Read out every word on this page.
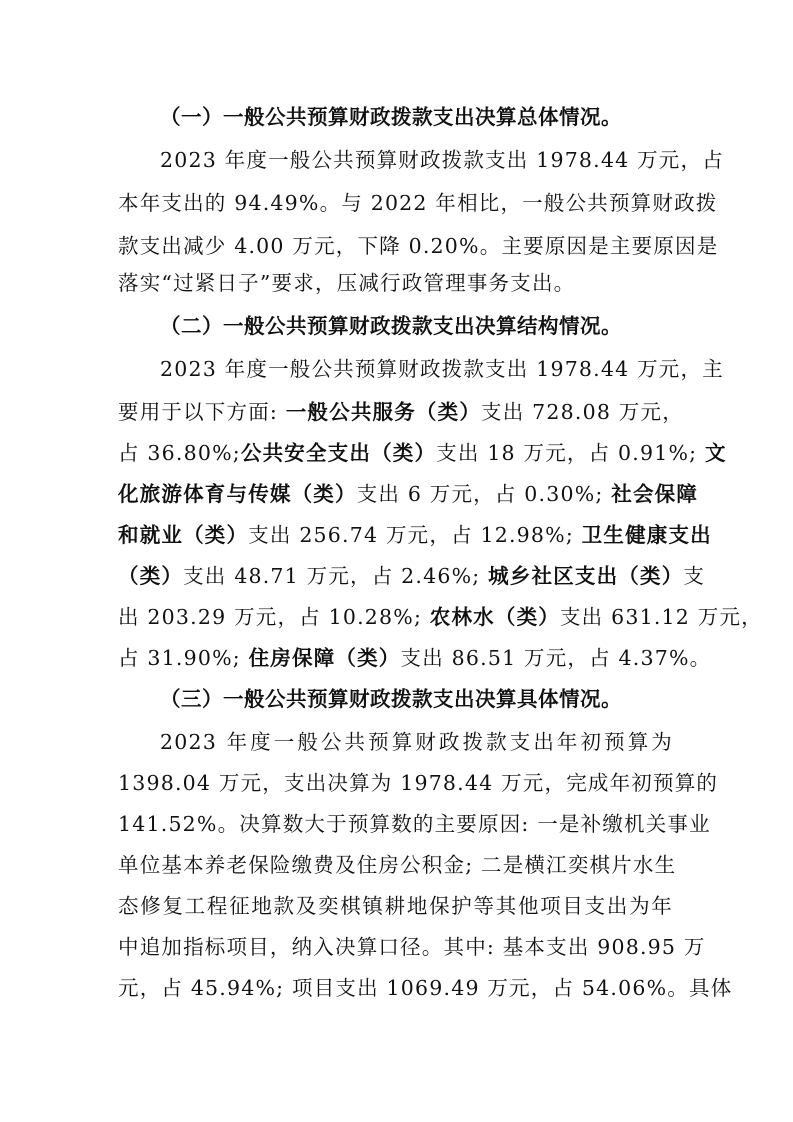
（一）一般公共预算财政拨款支出决算总体情况。
2023 年度一般公共预算财政拨款支出 1978.44 万元，占
本年支出的 94.49%。与 2022 年相比，一般公共预算财政拨
款支出减少 4.00 万元，下降 0.20%。主要原因是主要原因是
落实“过紧日子”要求，压减行政管理事务支出。
（二）一般公共预算财政拨款支出决算结构情况。
2023 年度一般公共预算财政拨款支出 1978.44 万元，主
要用于以下方面: 一般公共服务（类）支出 728.08 万元，
占 36.80%;公共安全支出（类）支出 18 万元，占 0.91%; 文
化旅游体育与传媒（类）支出 6 万元，占 0.30%; 社会保障
和就业（类）支出 256.74 万元，占 12.98%; 卫生健康支出
（类）支出 48.71 万元，占 2.46%; 城乡社区支出（类）支
出 203.29 万元，占 10.28%; 农林水（类）支出 631.12 万元，
占 31.90%; 住房保障（类）支出 86.51 万元，占 4.37%。
（三）一般公共预算财政拨款支出决算具体情况。
2023 年度一般公共预算财政拨款支出年初预算为
1398.04 万元，支出决算为 1978.44 万元，完成年初预算的
141.52%。决算数大于预算数的主要原因: 一是补缴机关事业
单位基本养老保险缴费及住房公积金; 二是横江奕棋片水生
态修复工程征地款及奕棋镇耕地保护等其他项目支出为年
中追加指标项目，纳入决算口径。其中: 基本支出 908.95 万
元，占 45.94%; 项目支出 1069.49 万元，占 54.06%。具体
